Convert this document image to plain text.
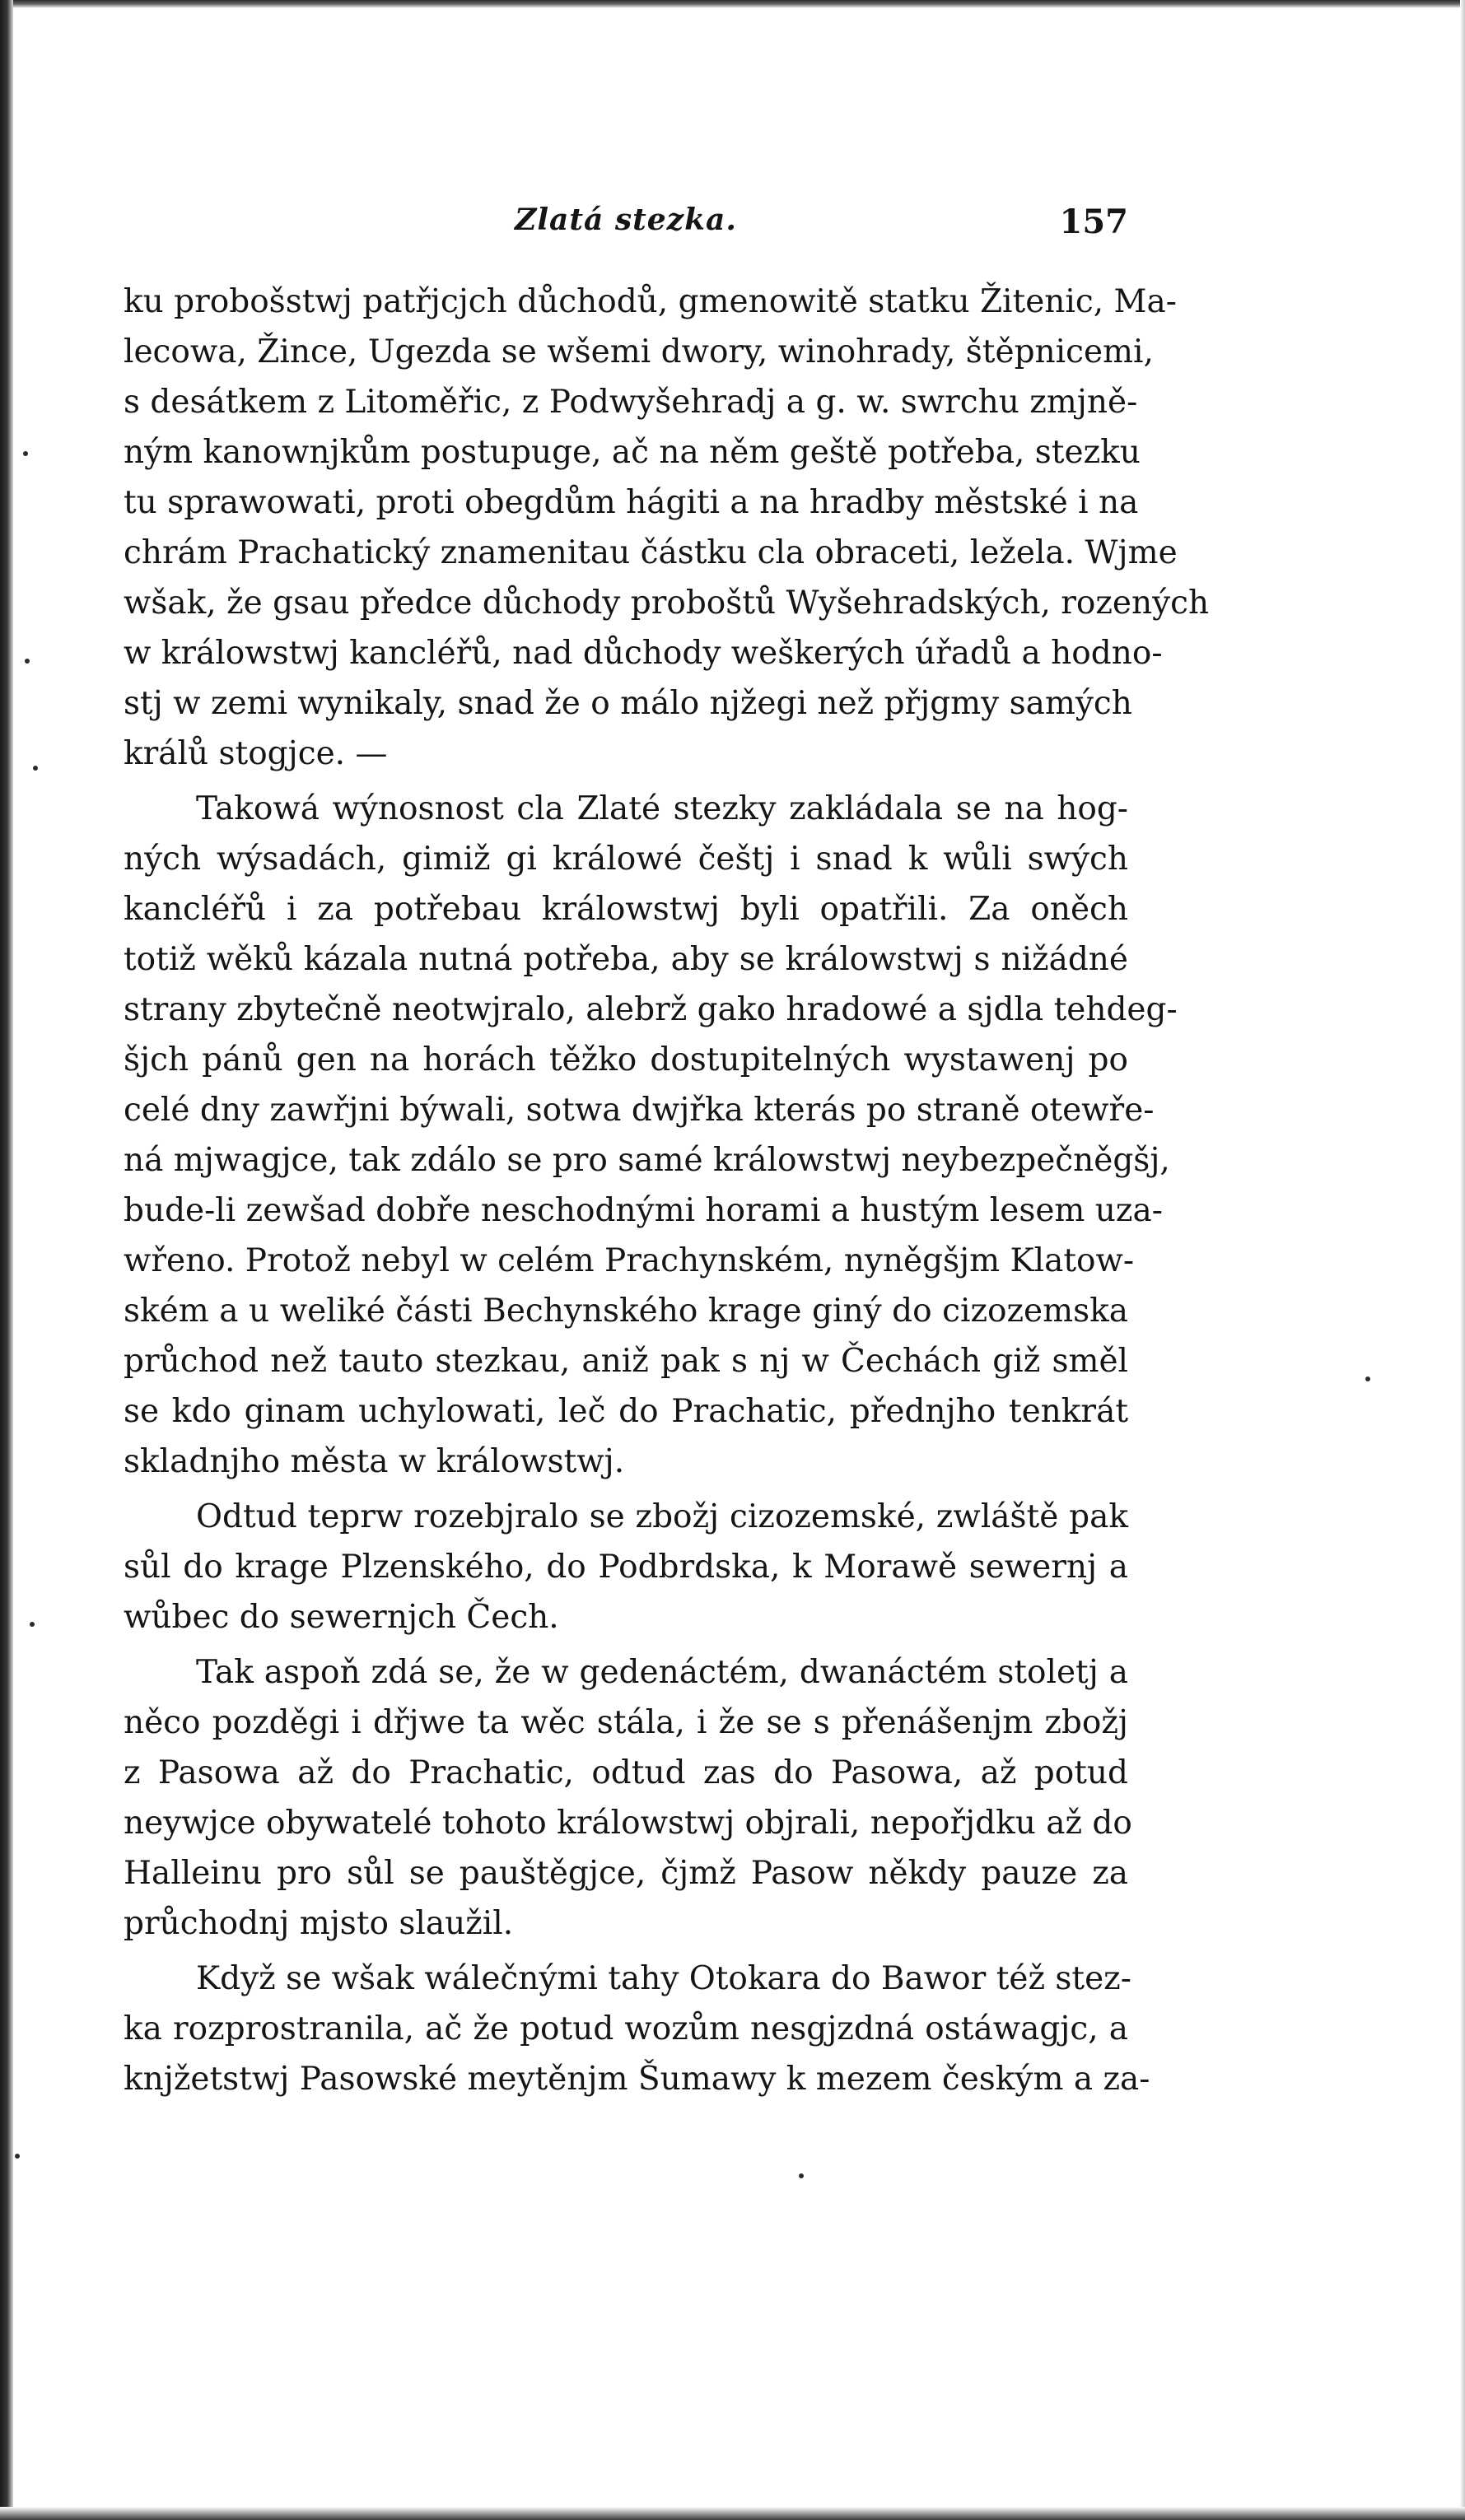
Zlatá stezka.	157
ku probošstwj patřjcjch důchodů, gmenowitě statku Žitenic, Ma-
lecowa, Žince, Ugezda se wšemi dwory, winohrady, štěpnicemi,
s desátkem z Litoměřic, z Podwyšehradj a g. w. swrchu zmjně-
ným kanownjkům postupuge, ač na něm geště potřeba, stezku
tu sprawowati, proti obegdům hágiti a na hradby městské i na
chrám Prachatický znamenitau částku cla obraceti, ležela. Wjme
wšak, že gsau předce důchody proboštů Wyšehradských, rozených
w králowstwj kancléřů, nad důchody weškerých úřadů a hodno-
stj w zemi wynikaly, snad že o málo njžegi než přjgmy samých
králů stogjce. —
Takowá wýnosnost cla Zlaté stezky zakládala se na hog-
ných wýsadách, gimiž gi králowé češtj i snad k wůli swých
kancléřů i za potřebau králowstwj byli opatřili. Za oněch
totiž wěků kázala nutná potřeba, aby se králowstwj s nižádné
strany zbytečně neotwjralo, alebrž gako hradowé a sjdla tehdeg-
šjch pánů gen na horách těžko dostupitelných wystawenj po
celé dny zawřjni býwali, sotwa dwjřka kterás po straně otewře-
ná mjwagjce, tak zdálo se pro samé králowstwj neybezpečněgšj,
bude-li zewšad dobře neschodnými horami a hustým lesem uza-
wřeno. Protož nebyl w celém Prachynském, nyněgšjm Klatow-
ském a u weliké části Bechynského krage giný do cizozemska
průchod než tauto stezkau, aniž pak s nj w Čechách giž směl
se kdo ginam uchylowati, leč do Prachatic, přednjho tenkrát
skladnjho města w králowstwj.
Odtud teprw rozebjralo se zbožj cizozemské, zwláště pak
sůl do krage Plzenského, do Podbrdska, k Morawě sewernj a
wůbec do sewernjch Čech.
Tak aspoň zdá se, že w gedenáctém, dwanáctém stoletj a
něco pozděgi i dřjwe ta wěc stála, i že se s přenášenjm zbožj
z Pasowa až do Prachatic, odtud zas do Pasowa, až potud
neywjce obywatelé tohoto králowstwj objrali, nepořjdku až do
Halleinu pro sůl se pauštěgjce, čjmž Pasow někdy pauze za
průchodnj mjsto slaužil.
Když se wšak wálečnými tahy Otokara do Bawor též stez-
ka rozprostranila, ač že potud wozům nesgjzdná ostáwagjc, a
knjžetstwj Pasowské meytěnjm Šumawy k mezem českým a za-
